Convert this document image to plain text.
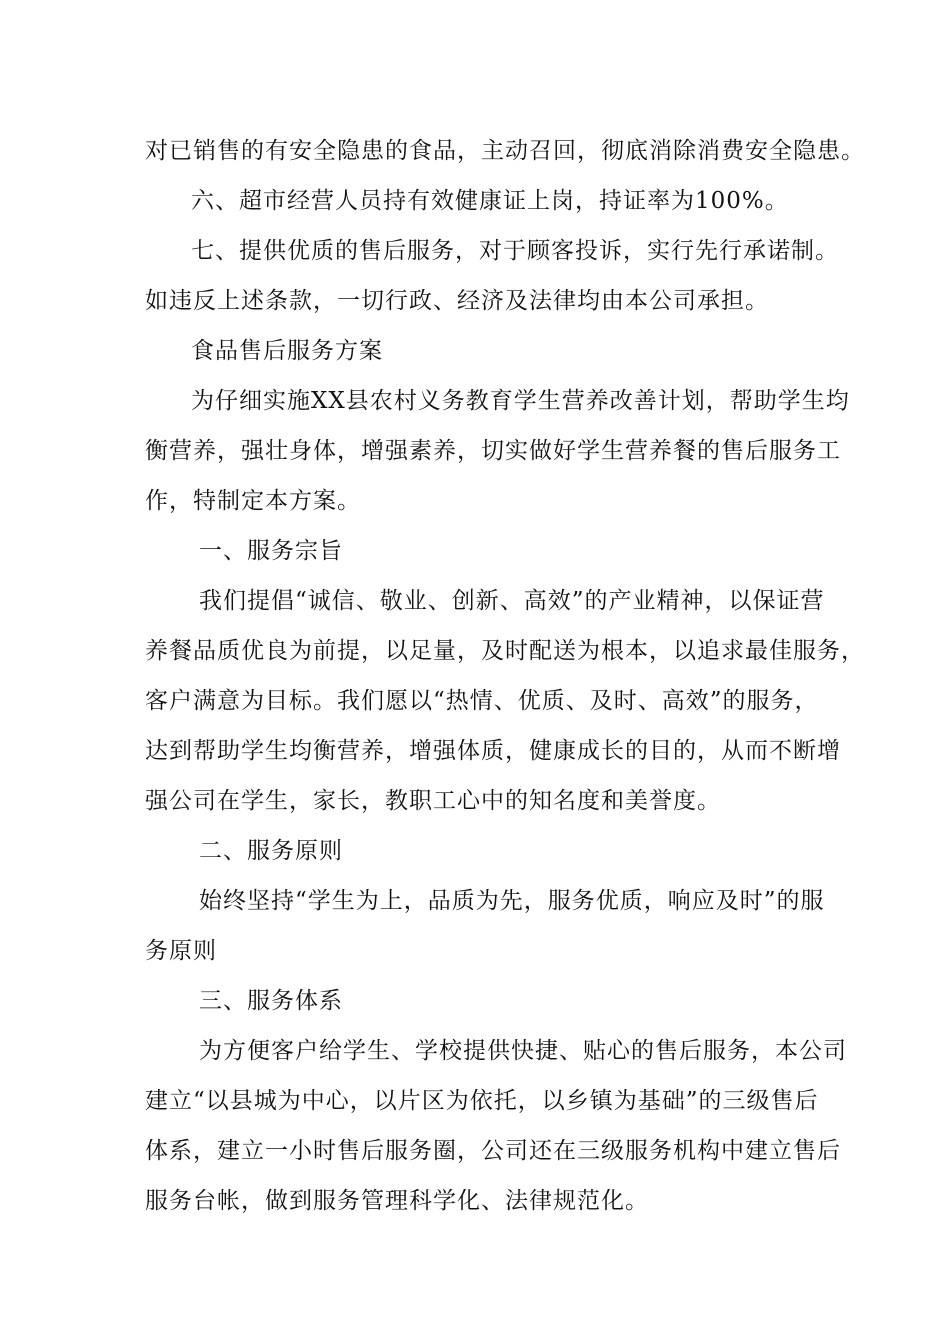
对已销售的有安全隐患的食品，主动召回，彻底消除消费安全隐患。
六、超市经营人员持有效健康证上岗，持证率为100%。
七、提供优质的售后服务，对于顾客投诉，实行先行承诺制。
如违反上述条款，一切行政、经济及法律均由本公司承担。
食品售后服务方案
为仔细实施XX县农村义务教育学生营养改善计划，帮助学生均
衡营养，强壮身体，增强素养，切实做好学生营养餐的售后服务工
作，特制定本方案。
一、服务宗旨
我们提倡“诚信、敬业、创新、高效”的产业精神，以保证营
养餐品质优良为前提，以足量，及时配送为根本，以追求最佳服务，
客户满意为目标。我们愿以“热情、优质、及时、高效”的服务，
达到帮助学生均衡营养，增强体质，健康成长的目的，从而不断增
强公司在学生，家长，教职工心中的知名度和美誉度。
二、服务原则
始终坚持“学生为上，品质为先，服务优质，响应及时”的服
务原则
三、服务体系
为方便客户给学生、学校提供快捷、贴心的售后服务，本公司
建立“以县城为中心，以片区为依托，以乡镇为基础”的三级售后
体系，建立一小时售后服务圈，公司还在三级服务机构中建立售后
服务台帐，做到服务管理科学化、法律规范化。
